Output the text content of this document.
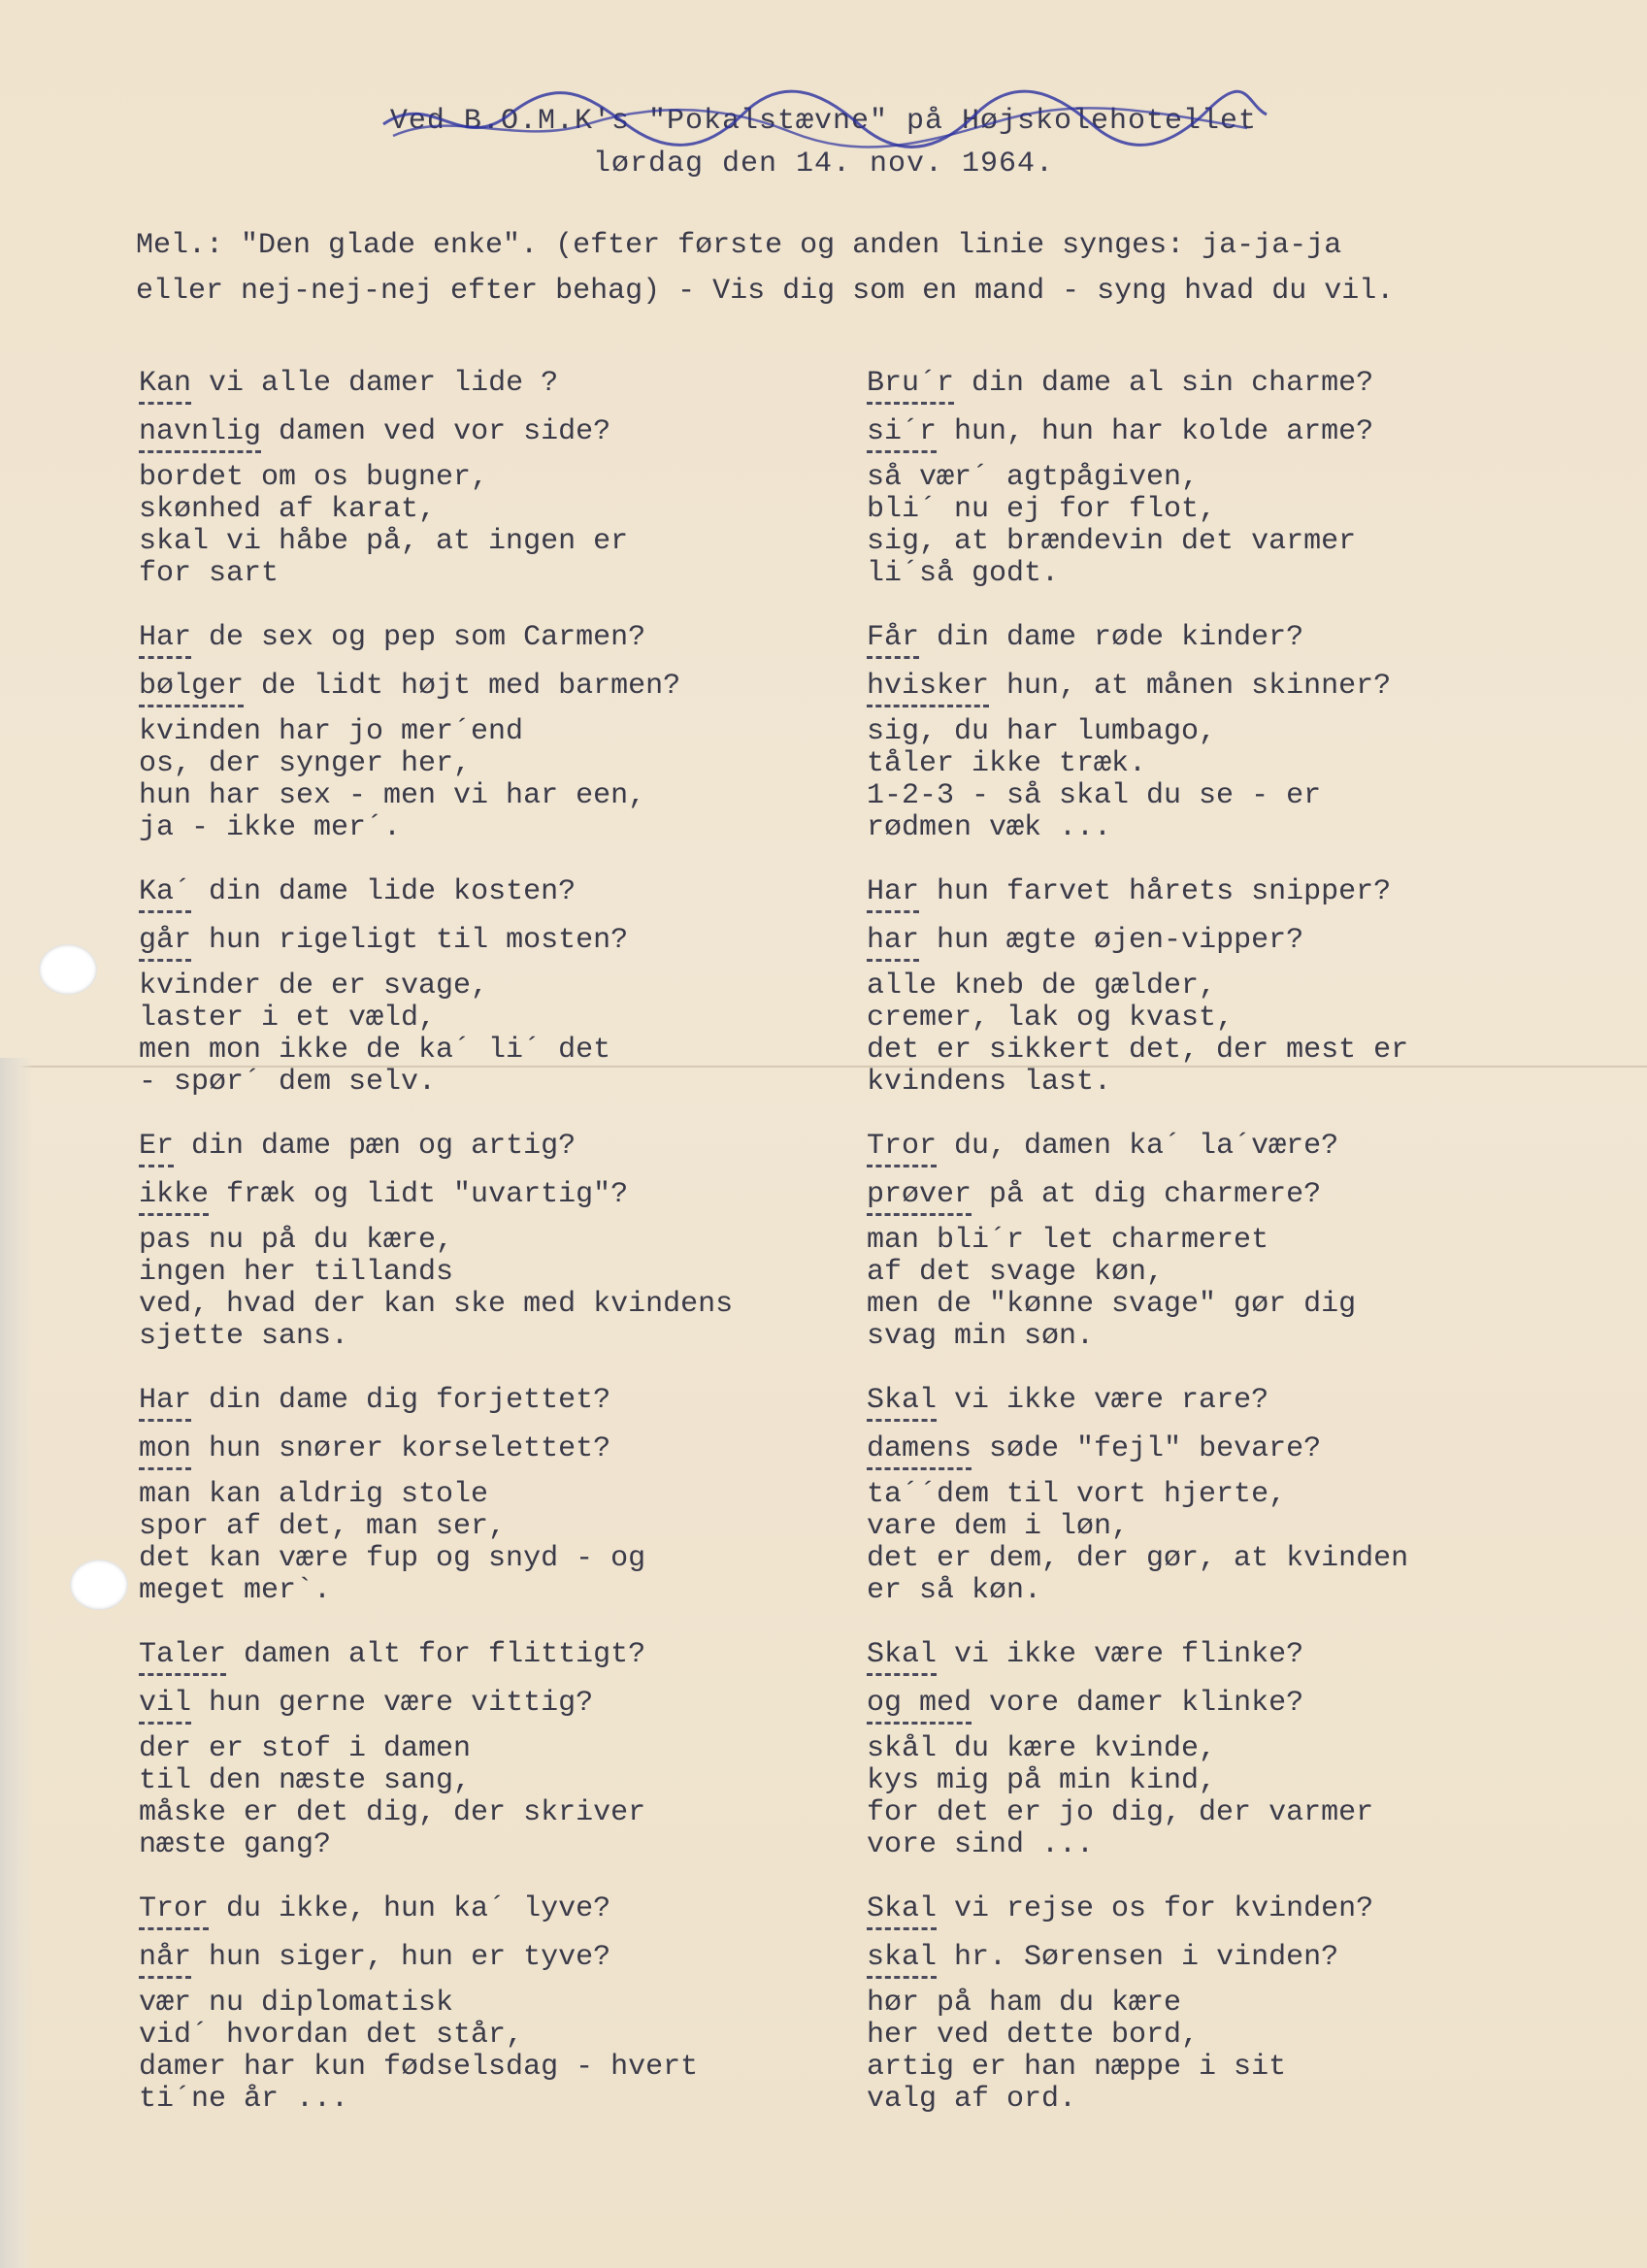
Ved B.O.M.K's "Pokalstævne" på Højskolehotellet
lørdag den 14. nov. 1964.
Mel.: "Den glade enke". (efter første og anden linie synges: ja-ja-ja
eller nej-nej-nej efter behag) - Vis dig som en mand - syng hvad du vil.
Kan vi alle damer lide ?
navnlig damen ved vor side?
bordet om os bugner,
skønhed af karat,
skal vi håbe på, at ingen er
for sart
Har de sex og pep som Carmen?
bølger de lidt højt med barmen?
kvinden har jo mer´end
os, der synger her,
hun har sex - men vi har een,
ja - ikke mer´.
Ka´ din dame lide kosten?
går hun rigeligt til mosten?
kvinder de er svage,
laster i et væld,
men mon ikke de ka´ li´ det
- spør´ dem selv.
Er din dame pæn og artig?
ikke fræk og lidt "uvartig"?
pas nu på du kære,
ingen her tillands
ved, hvad der kan ske med kvindens
sjette sans.
Har din dame dig forjettet?
mon hun snører korselettet?
man kan aldrig stole
spor af det, man ser,
det kan være fup og snyd - og
meget mer`.
Taler damen alt for flittigt?
vil hun gerne være vittig?
der er stof i damen
til den næste sang,
måske er det dig, der skriver
næste gang?
Tror du ikke, hun ka´ lyve?
når hun siger, hun er tyve?
vær nu diplomatisk
vid´ hvordan det står,
damer har kun fødselsdag - hvert
ti´ne år ...
Bru´r din dame al sin charme?
si´r hun, hun har kolde arme?
så vær´ agtpågiven,
bli´ nu ej for flot,
sig, at brændevin det varmer
li´så godt.
Får din dame røde kinder?
hvisker hun, at månen skinner?
sig, du har lumbago,
tåler ikke træk.
1-2-3 - så skal du se - er
rødmen væk ...
Har hun farvet hårets snipper?
har hun ægte øjen-vipper?
alle kneb de gælder,
cremer, lak og kvast,
det er sikkert det, der mest er
kvindens last.
Tror du, damen ka´ la´være?
prøver på at dig charmere?
man bli´r let charmeret
af det svage køn,
men de "kønne svage" gør dig
svag min søn.
Skal vi ikke være rare?
damens søde "fejl" bevare?
ta´´dem til vort hjerte,
vare dem i løn,
det er dem, der gør, at kvinden
er så køn.
Skal vi ikke være flinke?
og med vore damer klinke?
skål du kære kvinde,
kys mig på min kind,
for det er jo dig, der varmer
vore sind ...
Skal vi rejse os for kvinden?
skal hr. Sørensen i vinden?
hør på ham du kære
her ved dette bord,
artig er han næppe i sit
valg af ord.
